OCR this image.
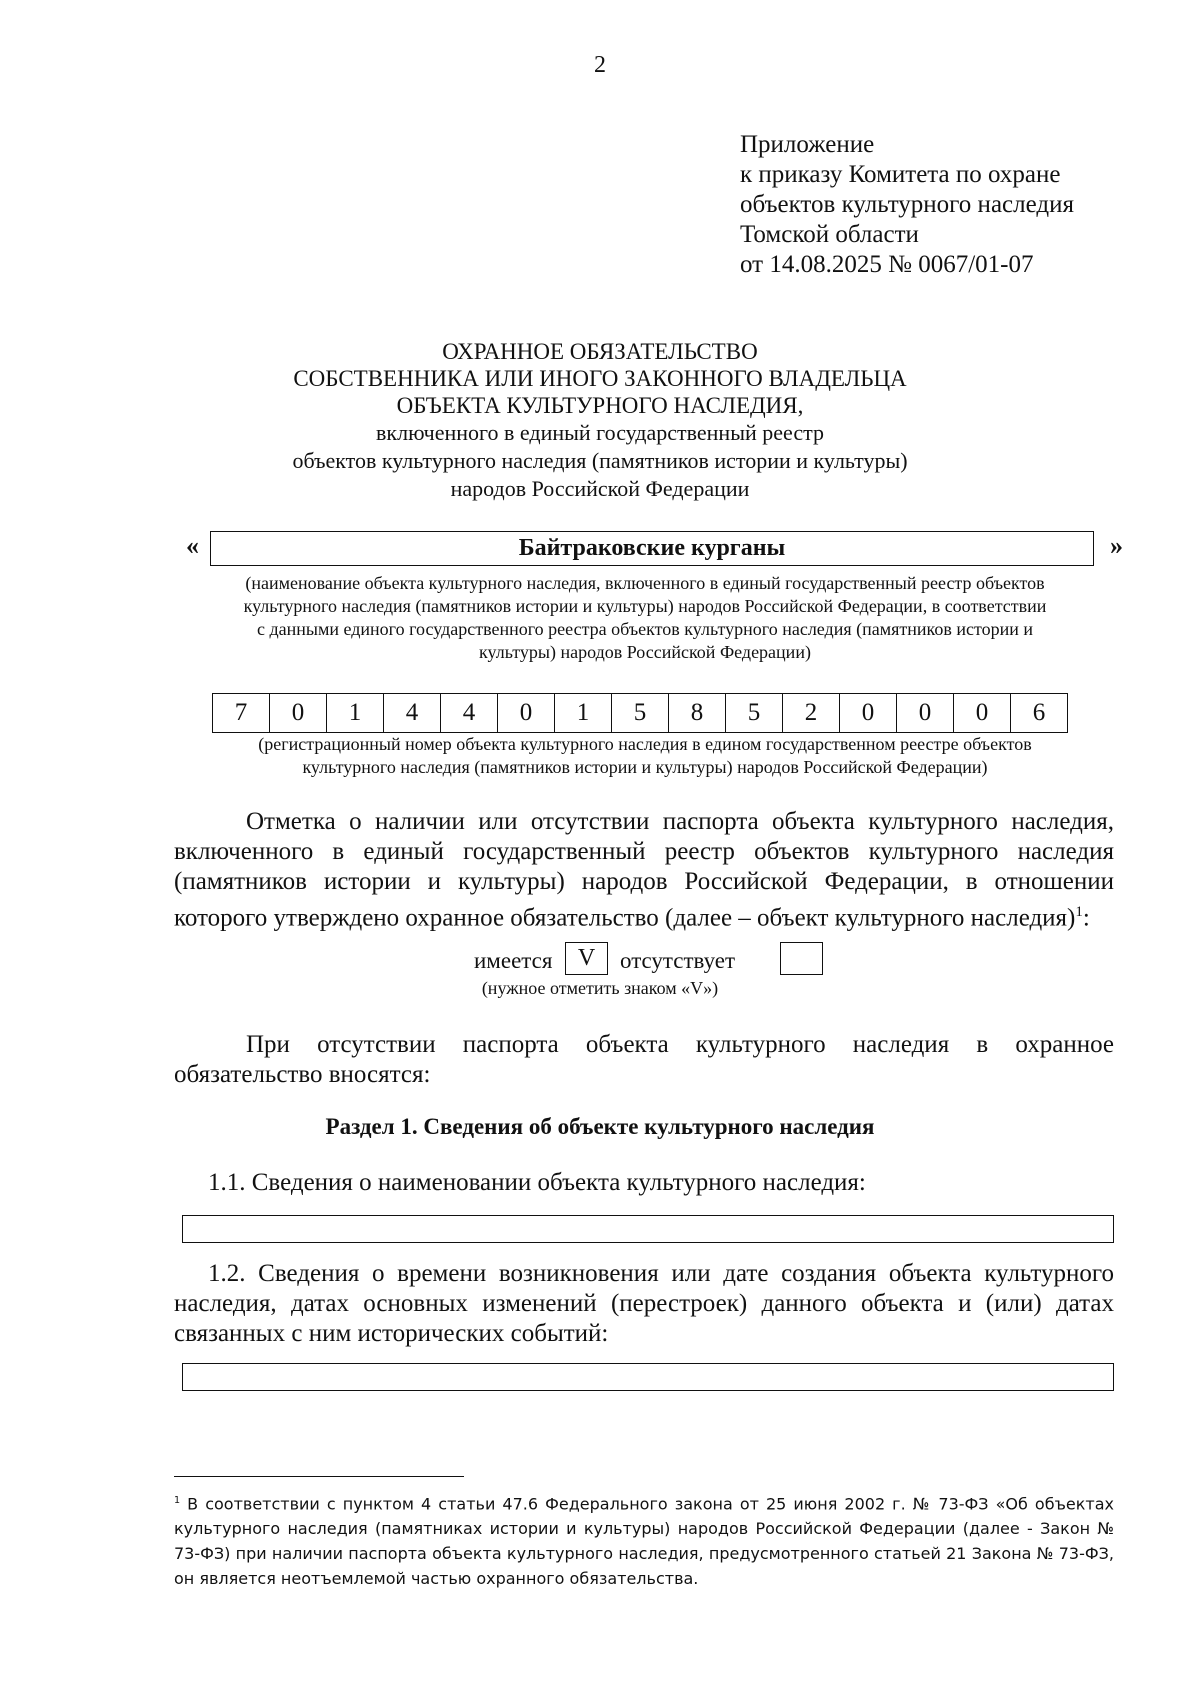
2
Приложение
к приказу Комитета по охране
объектов культурного наследия
Томской области
от 14.08.2025 № 0067/01-07
ОХРАННОЕ ОБЯЗАТЕЛЬСТВО
СОБСТВЕННИКА ИЛИ ИНОГО ЗАКОННОГО ВЛАДЕЛЬЦА
ОБЪЕКТА КУЛЬТУРНОГО НАСЛЕДИЯ,
включенного в единый государственный реестр
объектов культурного наследия (памятников истории и культуры)
народов Российской Федерации
«	Байтраковские курганы	»
(наименование объекта культурного наследия, включенного в единый государственный реестр объектов
культурного наследия (памятников истории и культуры) народов Российской Федерации, в соответствии
с данными единого государственного реестра объектов культурного наследия (памятников истории и
культуры) народов Российской Федерации)
7	0	1	4	4	0	1	5	8	5	2	0	0	0	6
(регистрационный номер объекта культурного наследия в едином государственном реестре объектов
культурного наследия (памятников истории и культуры) народов Российской Федерации)
Отметка о наличии или отсутствии паспорта объекта культурного наследия, включенного в единый государственный реестр объектов культурного наследия (памятников истории и культуры) народов Российской Федерации, в отношении которого утверждено охранное обязательство (далее – объект культурного наследия)$^1$:
имеется	V	отсутствует
(нужное отметить знаком «V»)
При отсутствии паспорта объекта культурного наследия в охранное обязательство вносятся:
Раздел 1. Сведения об объекте культурного наследия
1.1. Сведения о наименовании объекта культурного наследия:
1.2. Сведения о времени возникновения или дате создания объекта культурного наследия, датах основных изменений (перестроек) данного объекта и (или) датах связанных с ним исторических событий:
$^1$ В соответствии с пунктом 4 статьи 47.6 Федерального закона от 25 июня 2002 г. № 73-ФЗ «Об объектах культурного наследия (памятниках истории и культуры) народов Российской Федерации (далее - Закон № 73-ФЗ) при наличии паспорта объекта культурного наследия, предусмотренного статьей 21 Закона № 73-ФЗ, он является неотъемлемой частью охранного обязательства.
